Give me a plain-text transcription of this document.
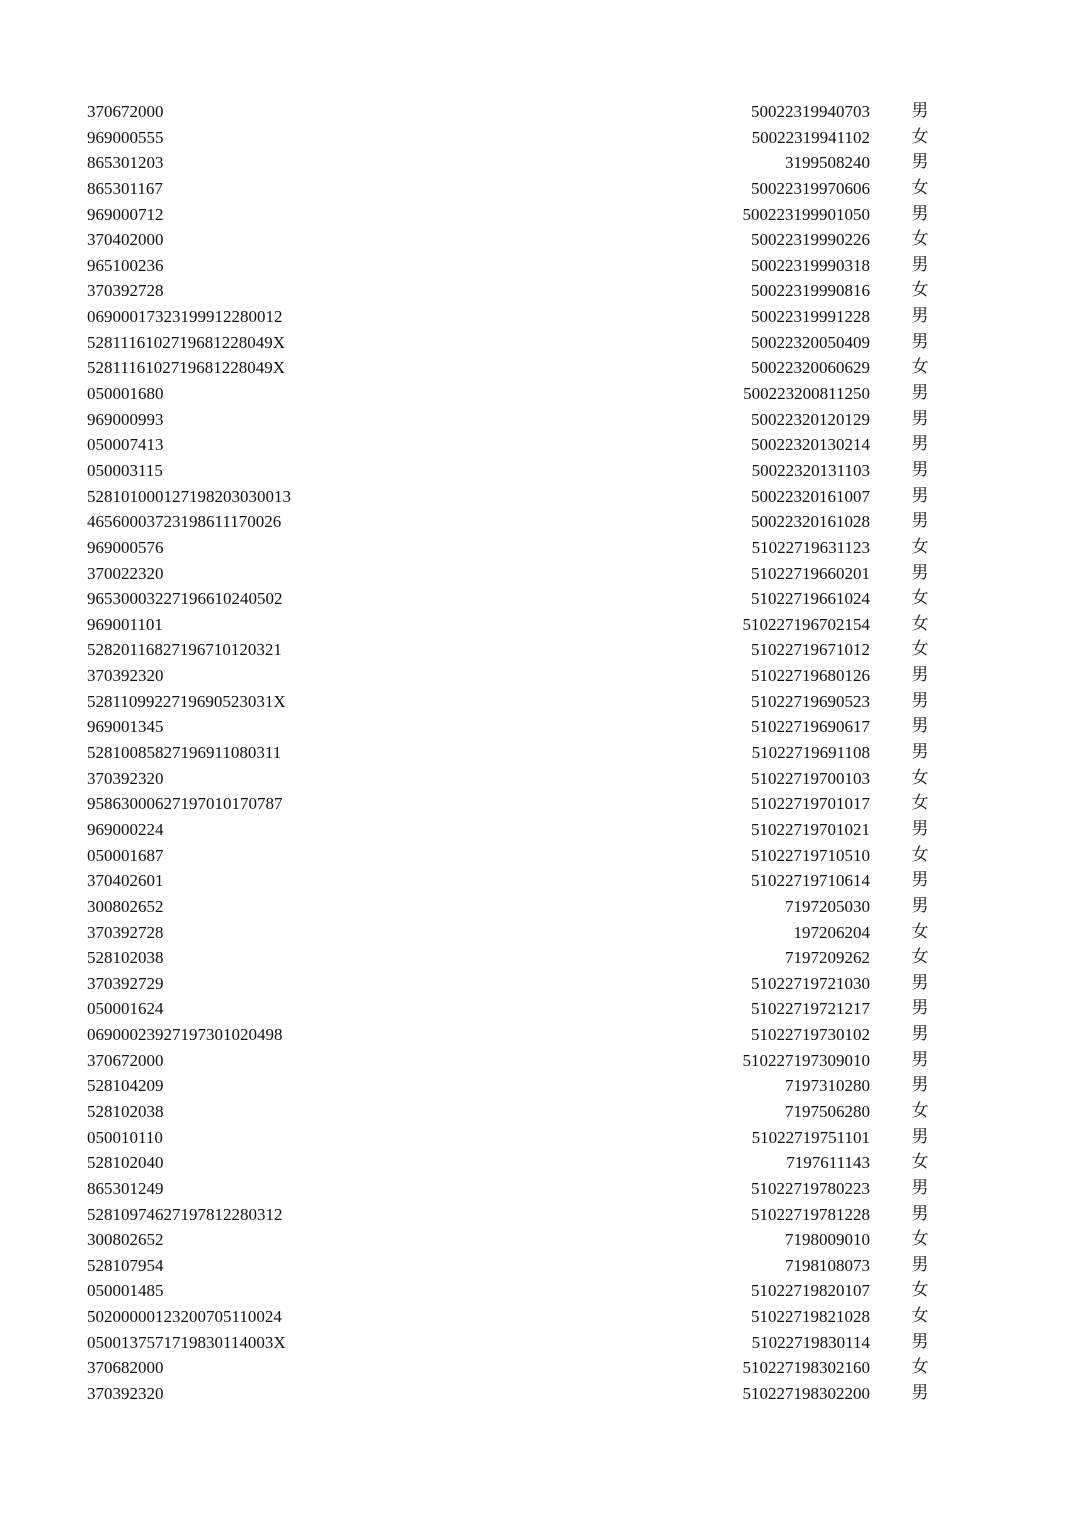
370672000	50022319940703	男
969000555	50022319941102	女
865301203	3199508240	男
865301167	50022319970606	女
969000712	500223199901050	男
370402000	50022319990226	女
965100236	50022319990318	男
370392728	50022319990816	女
06900017323199912280012	50022319991228	男
5281116102719681228049X	50022320050409	男
5281116102719681228049X	50022320060629	女
050001680	500223200811250	男
969000993	50022320120129	男
050007413	50022320130214	男
050003115	50022320131103	男
528101000127198203030013	50022320161007	男
46560003723198611170026	50022320161028	男
969000576	51022719631123	女
370022320	51022719660201	男
96530003227196610240502	51022719661024	女
969001101	510227196702154	女
52820116827196710120321	51022719671012	女
370392320	51022719680126	男
5281109922719690523031X	51022719690523	男
969001345	51022719690617	男
52810085827196911080311	51022719691108	男
370392320	51022719700103	女
95863000627197010170787	51022719701017	女
969000224	51022719701021	男
050001687	51022719710510	女
370402601	51022719710614	男
300802652	7197205030	男
370392728	197206204	女
528102038	7197209262	女
370392729	51022719721030	男
050001624	51022719721217	男
06900023927197301020498	51022719730102	男
370672000	510227197309010	男
528104209	7197310280	男
528102038	7197506280	女
050010110	51022719751101	男
528102040	7197611143	女
865301249	51022719780223	男
52810974627197812280312	51022719781228	男
300802652	7198009010	女
528107954	7198108073	男
050001485	51022719820107	女
50200000123200705110024	51022719821028	女
0500137571719830114003X	51022719830114	男
370682000	510227198302160	女
370392320	510227198302200	男
